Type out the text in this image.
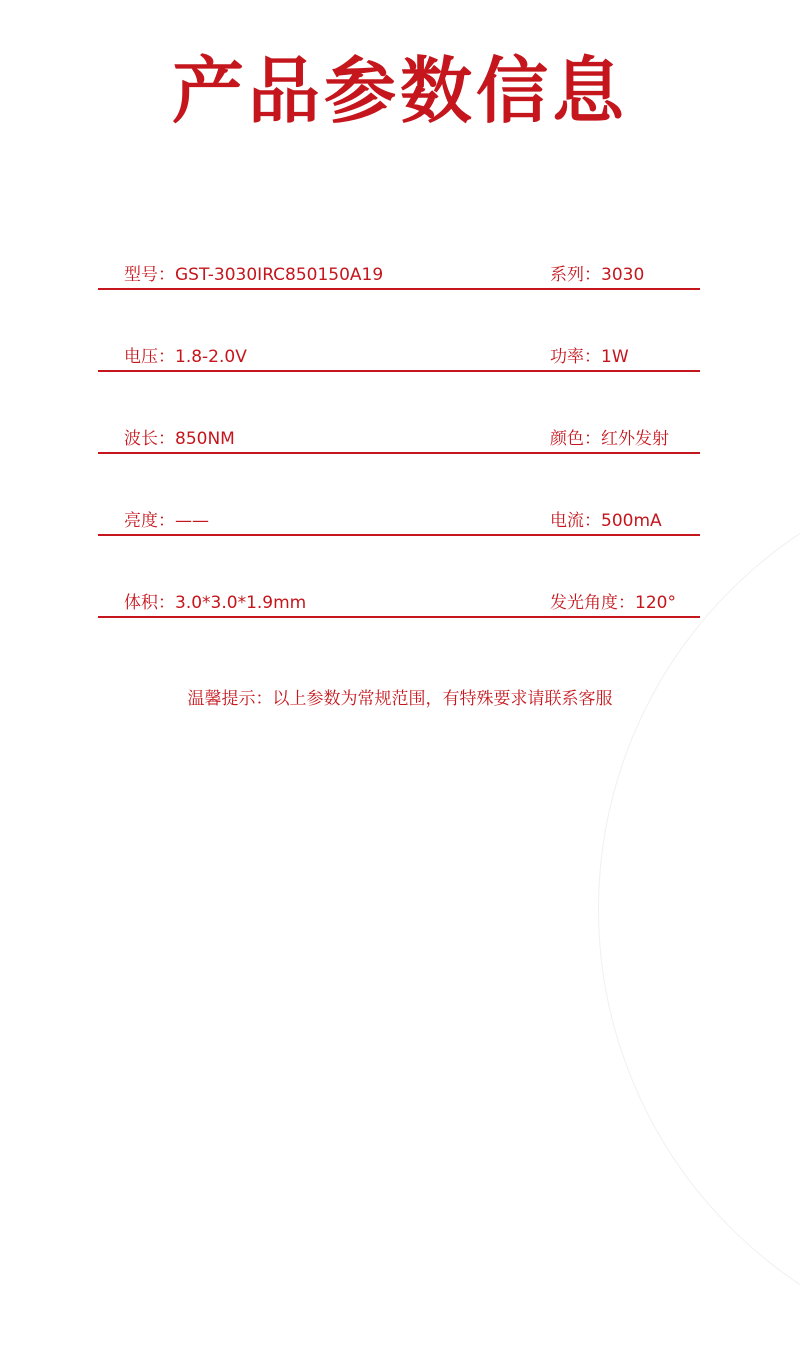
产品参数信息
型号：GST-3030IRC850150A19	系列：3030
电压：1.8-2.0V	功率：1W
波长：850NM	颜色：红外发射
亮度：——	电流：500mA
体积：3.0*3.0*1.9mm	发光角度：120°
温馨提示：以上参数为常规范围，有特殊要求请联系客服
